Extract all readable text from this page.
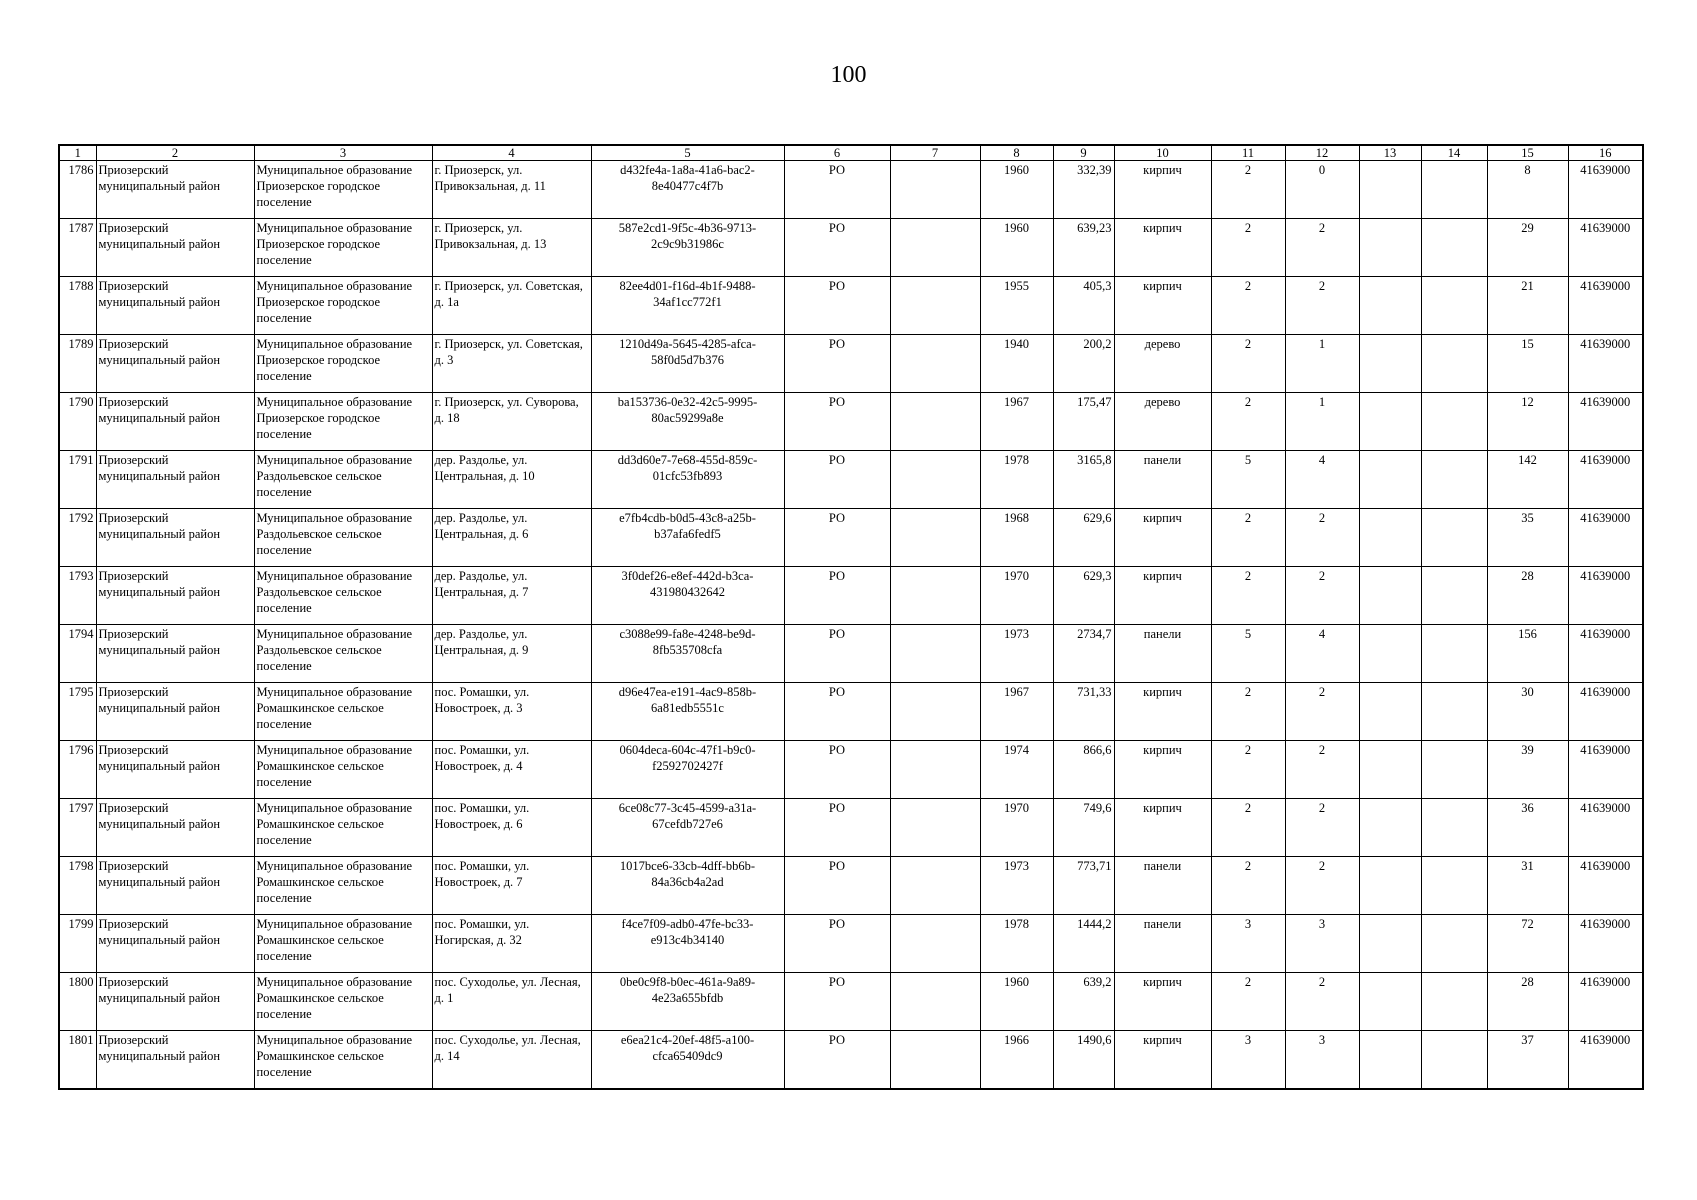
100
1	2	3	4	5	6	7	8	9	10	11	12	13	14	15	16
1786	Приозерский муниципальный район	Муниципальное образование Приозерское городское поселение	г. Приозерск, ул. Привокзальная, д. 11	d432fe4a-1a8a-41a6-bac2-8e40477c4f7b	РО		1960	332,39	кирпич	2	0			8	41639000
1787	Приозерский муниципальный район	Муниципальное образование Приозерское городское поселение	г. Приозерск, ул. Привокзальная, д. 13	587e2cd1-9f5c-4b36-9713-2c9c9b31986c	РО		1960	639,23	кирпич	2	2			29	41639000
1788	Приозерский муниципальный район	Муниципальное образование Приозерское городское поселение	г. Приозерск, ул. Советская, д. 1а	82ee4d01-f16d-4b1f-9488-34af1cc772f1	РО		1955	405,3	кирпич	2	2			21	41639000
1789	Приозерский муниципальный район	Муниципальное образование Приозерское городское поселение	г. Приозерск, ул. Советская, д. 3	1210d49a-5645-4285-afca-58f0d5d7b376	РО		1940	200,2	дерево	2	1			15	41639000
1790	Приозерский муниципальный район	Муниципальное образование Приозерское городское поселение	г. Приозерск, ул. Суворова, д. 18	ba153736-0e32-42c5-9995-80ac59299a8e	РО		1967	175,47	дерево	2	1			12	41639000
1791	Приозерский муниципальный район	Муниципальное образование Раздольевское сельское поселение	дер. Раздолье, ул. Центральная, д. 10	dd3d60e7-7e68-455d-859c-01cfc53fb893	РО		1978	3165,8	панели	5	4			142	41639000
1792	Приозерский муниципальный район	Муниципальное образование Раздольевское сельское поселение	дер. Раздолье, ул. Центральная, д. 6	e7fb4cdb-b0d5-43c8-a25b-b37afa6fedf5	РО		1968	629,6	кирпич	2	2			35	41639000
1793	Приозерский муниципальный район	Муниципальное образование Раздольевское сельское поселение	дер. Раздолье, ул. Центральная, д. 7	3f0def26-e8ef-442d-b3ca-431980432642	РО		1970	629,3	кирпич	2	2			28	41639000
1794	Приозерский муниципальный район	Муниципальное образование Раздольевское сельское поселение	дер. Раздолье, ул. Центральная, д. 9	c3088e99-fa8e-4248-be9d-8fb535708cfa	РО		1973	2734,7	панели	5	4			156	41639000
1795	Приозерский муниципальный район	Муниципальное образование Ромашкинское сельское поселение	пос. Ромашки, ул. Новострoек, д. 3	d96e47ea-e191-4ac9-858b-6a81edb5551c	РО		1967	731,33	кирпич	2	2			30	41639000
1796	Приозерский муниципальный район	Муниципальное образование Ромашкинское сельское поселение	пос. Ромашки, ул. Новострoек, д. 4	0604deca-604c-47f1-b9c0-f2592702427f	РО		1974	866,6	кирпич	2	2			39	41639000
1797	Приозерский муниципальный район	Муниципальное образование Ромашкинское сельское поселение	пос. Ромашки, ул. Новострoек, д. 6	6ce08c77-3c45-4599-a31a-67cefdb727e6	РО		1970	749,6	кирпич	2	2			36	41639000
1798	Приозерский муниципальный район	Муниципальное образование Ромашкинское сельское поселение	пос. Ромашки, ул. Новострoек, д. 7	1017bce6-33cb-4dff-bb6b-84a36cb4a2ad	РО		1973	773,71	панели	2	2			31	41639000
1799	Приозерский муниципальный район	Муниципальное образование Ромашкинское сельское поселение	пос. Ромашки, ул. Ногирская, д. 32	f4ce7f09-adb0-47fe-bc33-e913c4b34140	РО		1978	1444,2	панели	3	3			72	41639000
1800	Приозерский муниципальный район	Муниципальное образование Ромашкинское сельское поселение	пос. Суходолье, ул. Лесная, д. 1	0be0c9f8-b0ec-461a-9a89-4e23a655bfdb	РО		1960	639,2	кирпич	2	2			28	41639000
1801	Приозерский муниципальный район	Муниципальное образование Ромашкинское сельское поселение	пос. Суходолье, ул. Лесная, д. 14	e6ea21c4-20ef-48f5-a100-cfca65409dc9	РО		1966	1490,6	кирпич	3	3			37	41639000
